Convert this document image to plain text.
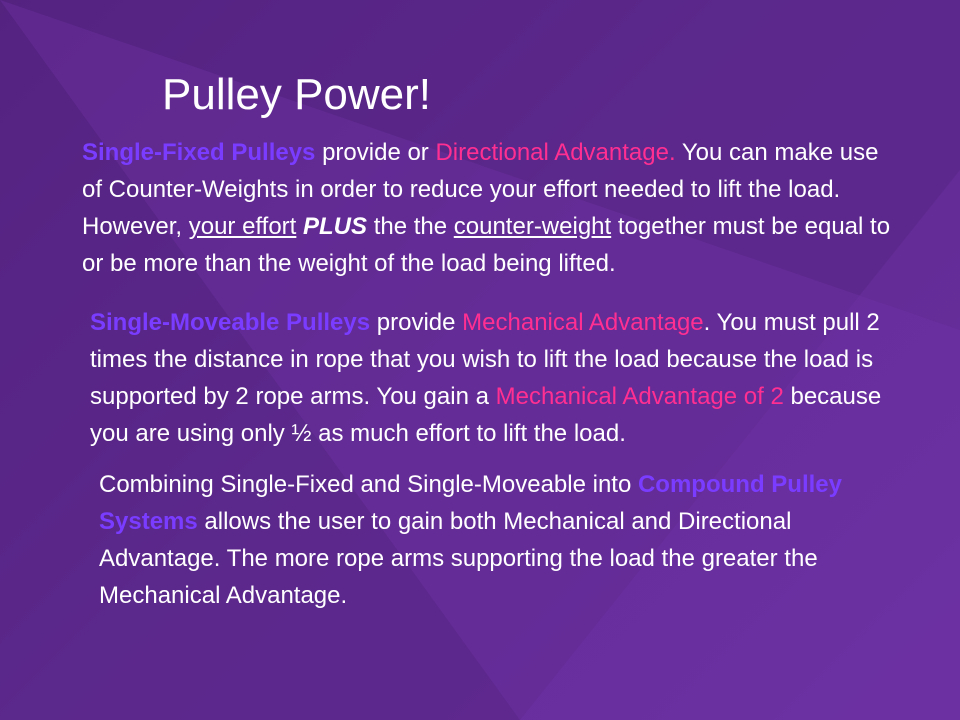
Pulley Power!
Single-Fixed Pulleys provide or Directional Advantage. You can make use of Counter-Weights in order to reduce your effort needed to lift the load. However, your effort PLUS the the counter-weight together must be equal to or be more than the weight of the load being lifted.
Single-Moveable Pulleys provide Mechanical Advantage. You must pull 2 times the distance in rope that you wish to lift the load because the load is supported by 2 rope arms. You gain a Mechanical Advantage of 2 because you are using only ½ as much effort to lift the load.
Combining Single-Fixed and Single-Moveable into Compound Pulley Systems allows the user to gain both Mechanical and Directional Advantage. The more rope arms supporting the load the greater the Mechanical Advantage.
